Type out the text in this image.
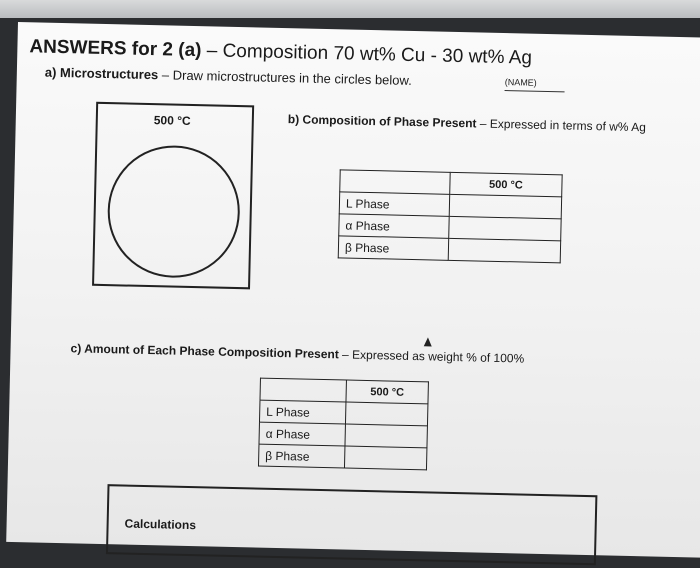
ANSWERS for 2 (a) – Composition 70 wt% Cu - 30 wt% Ag
a) Microstructures – Draw microstructures in the circles below.	(NAME)
500 °C	b) Composition of Phase Present – Expressed in terms of w% Ag
	500 °C
L Phase	
α Phase	
β Phase	
c) Amount of Each Phase Composition Present – Expressed as weight % of 100%
	500 °C
L Phase	
α Phase	
β Phase	
Calculations
